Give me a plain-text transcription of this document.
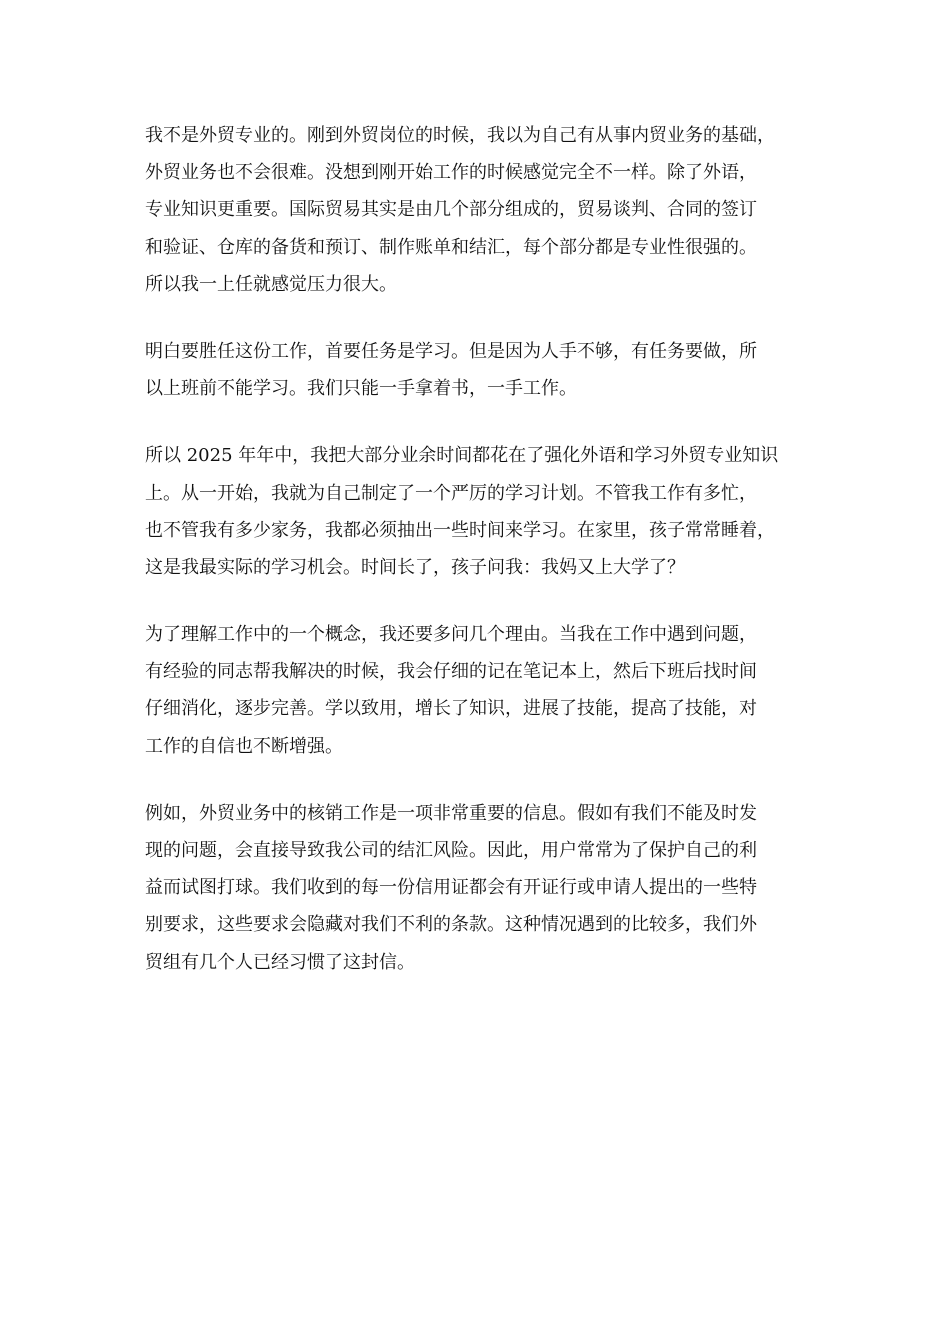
我不是外贸专业的。刚到外贸岗位的时候，我以为自己有从事内贸业务的基础，
外贸业务也不会很难。没想到刚开始工作的时候感觉完全不一样。除了外语，
专业知识更重要。国际贸易其实是由几个部分组成的，贸易谈判、合同的签订
和验证、仓库的备货和预订、制作账单和结汇，每个部分都是专业性很强的。
所以我一上任就感觉压力很大。
明白要胜任这份工作，首要任务是学习。但是因为人手不够，有任务要做，所
以上班前不能学习。我们只能一手拿着书，一手工作。
所以 2025 年年中，我把大部分业余时间都花在了强化外语和学习外贸专业知识
上。从一开始，我就为自己制定了一个严厉的学习计划。不管我工作有多忙，
也不管我有多少家务，我都必须抽出一些时间来学习。在家里，孩子常常睡着，
这是我最实际的学习机会。时间长了，孩子问我：我妈又上大学了？
为了理解工作中的一个概念，我还要多问几个理由。当我在工作中遇到问题，
有经验的同志帮我解决的时候，我会仔细的记在笔记本上，然后下班后找时间
仔细消化，逐步完善。学以致用，增长了知识，进展了技能，提高了技能，对
工作的自信也不断增强。
例如，外贸业务中的核销工作是一项非常重要的信息。假如有我们不能及时发
现的问题，会直接导致我公司的结汇风险。因此，用户常常为了保护自己的利
益而试图打球。我们收到的每一份信用证都会有开证行或申请人提出的一些特
别要求，这些要求会隐藏对我们不利的条款。这种情况遇到的比较多，我们外
贸组有几个人已经习惯了这封信。
